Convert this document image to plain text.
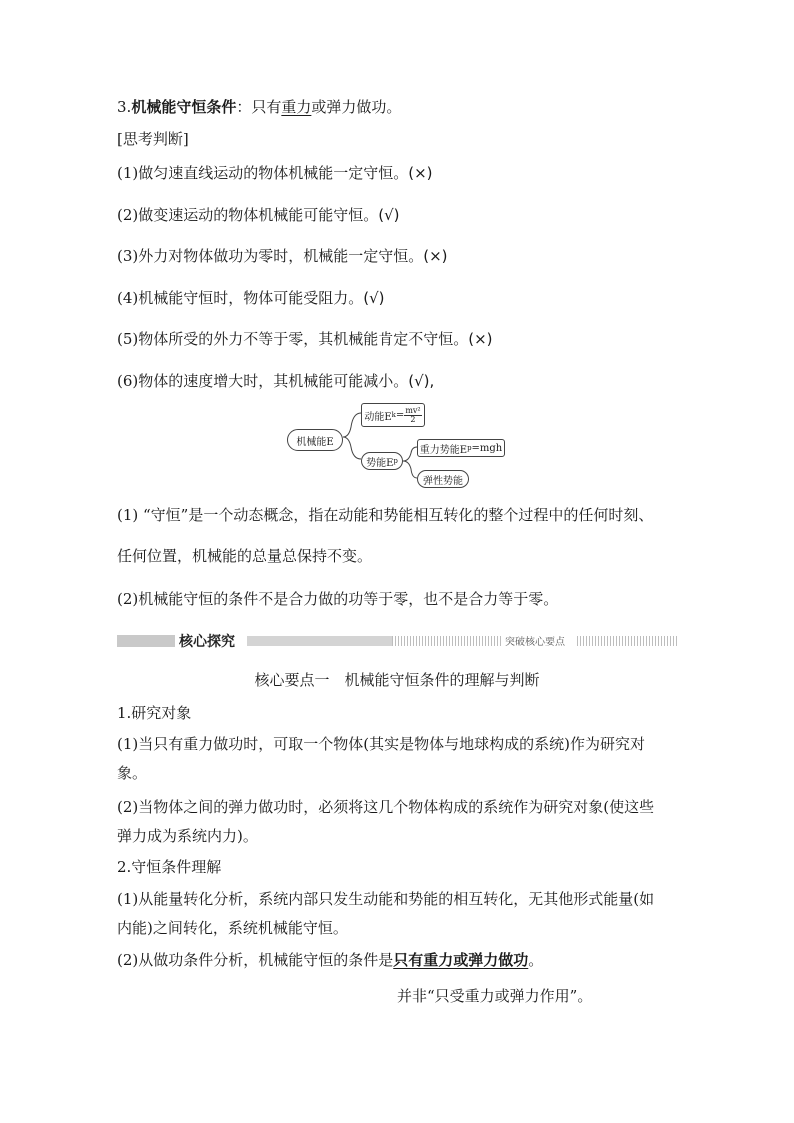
3.机械能守恒条件：只有重力或弹力做功。
[思考判断]
(1)做匀速直线运动的物体机械能一定守恒。(×)
(2)做变速运动的物体机械能可能守恒。(√)
(3)外力对物体做功为零时，机械能一定守恒。(×)
(4)机械能守恒时，物体可能受阻力。(√)
(5)物体所受的外力不等于零，其机械能肯定不守恒。(×)
(6)物体的速度增大时，其机械能可能减小。(√),
机械能E
动能E $k = \frac{\text{mv²}}{2}$
势能E p
重力势能E p =mgh
弹性势能
(1) “守恒”是一个动态概念，指在动能和势能相互转化的整个过程中的任何时刻、
任何位置，机械能的总量总保持不变。
(2)机械能守恒的条件不是合力做的功等于零，也不是合力等于零。
核心探究	突破核心要点
核心要点一　机械能守恒条件的理解与判断
1.研究对象
(1)当只有重力做功时，可取一个物体(其实是物体与地球构成的系统)作为研究对
象。
(2)当物体之间的弹力做功时，必须将这几个物体构成的系统作为研究对象(使这些
弹力成为系统内力)。
2.守恒条件理解
(1)从能量转化分析，系统内部只发生动能和势能的相互转化，无其他形式能量(如
内能)之间转化，系统机械能守恒。
(2)从做功条件分析，机械能守恒的条件是只有重力或弹力做功。
并非“只受重力或弹力作用”。
